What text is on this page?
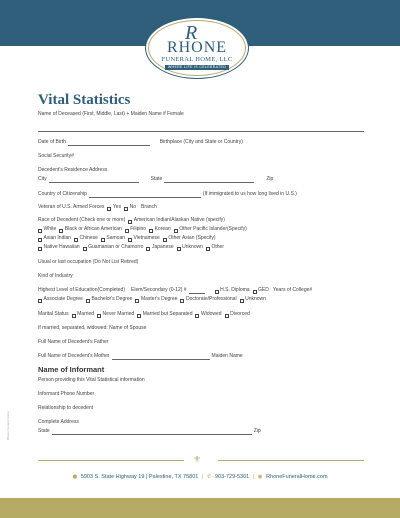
R
RHONE
FUNERAL HOME, LLC
WHERE LIFE IS CELEBRATED
Vital Statistics
Name of Deceased (First, Middle, Last) + Maiden Name if Female
Date of Birth	Birthplace (City and State or Country)
Social Security#
Decedent's Residence Address
City	State	Zip
Country of Citizenship	(If immigrated to us how long lived in U.S.)
Veteran of U.S. Armed Forces Yes No Branch
Race of Decedent (Check one or more) American Indian/Alaskan Native (specify)
White Black or African American Filipino Korean Other Pacific Islander(Specify)
Asian Indian Chinese Samoan Vietnamese Other Asian (Specify)
Native Hawaiian Guamanian or Chamorro Japanese Unknown Other
Usual or last occupation (Do Not List Retired)
Kind of Industry
Highest Level of Education(Completed) Elem/Secondary (0-12) #	H.S. Diploma GED Years of College#
Associate Degree Bachelor's Degree Master's Degree Doctorate/Professional Unknown
Marital Status Married Never Married Married but Separated Widowed Divorced
If married, separated, widowed: Name of Spouse
Full Name of Decedent's Father
Full Name of Decedent's Mother	Maiden Name
Name of Informant
Person providing this Vital Statistical information
Informant Phone Number
Relationship to decedent
Complete Address
State	Zip
Rhone Funeral Home
⚜
● 5903 S. State Highway 19 | Palestine, TX 75801 | ✆ 903-729-5301 | ◉ RhoneFuneralHome.com
